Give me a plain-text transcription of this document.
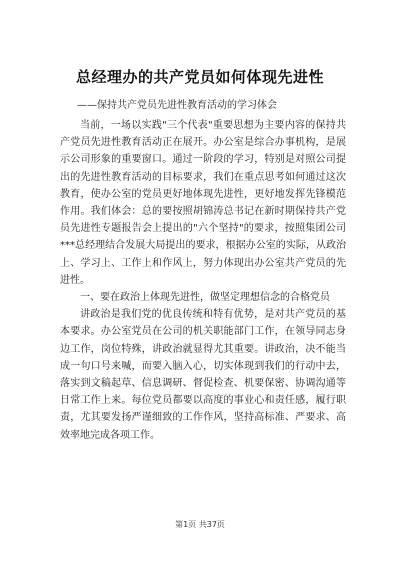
总经理办的共产党员如何体现先进性
——保持共产党员先进性教育活动的学习体会

当前，一场以实践"三个代表"重要思想为主要内容的保持共产党员先进性教育活动正在展开。办公室是综合办事机构，是展示公司形象的重要窗口。通过一阶段的学习，特别是对照公司提出的先进性教育活动的目标要求，我们在重点思考如何通过这次教育，使办公室的党员更好地体现先进性，更好地发挥先锋模范作用。我们体会：总的要按照胡锦涛总书记在新时期保持共产党员先进性专题报告会上提出的"六个坚持"的要求，按照集团公司***总经理结合发展大局提出的要求，根据办公室的实际，从政治上、学习上、工作上和作风上，努力体现出办公室共产党员的先进性。

一、要在政治上体现先进性，做坚定理想信念的合格党员

讲政治是我们党的优良传统和特有优势，是对共产党员的基本要求。办公室党员在公司的机关职能部门工作，在领导同志身边工作，岗位特殊，讲政治就显得尤其重要。讲政治，决不能当成一句口号来喊，而要入脑入心，切实体现到我们的行动中去，落实到文稿起草、信息调研、督促检查、机要保密、协调沟通等日常工作上来。每位党员都要以高度的事业心和责任感，履行职责，尤其要发扬严谨细致的工作作风，坚持高标准、严要求、高效率地完成各项工作。

第1页 共37页
